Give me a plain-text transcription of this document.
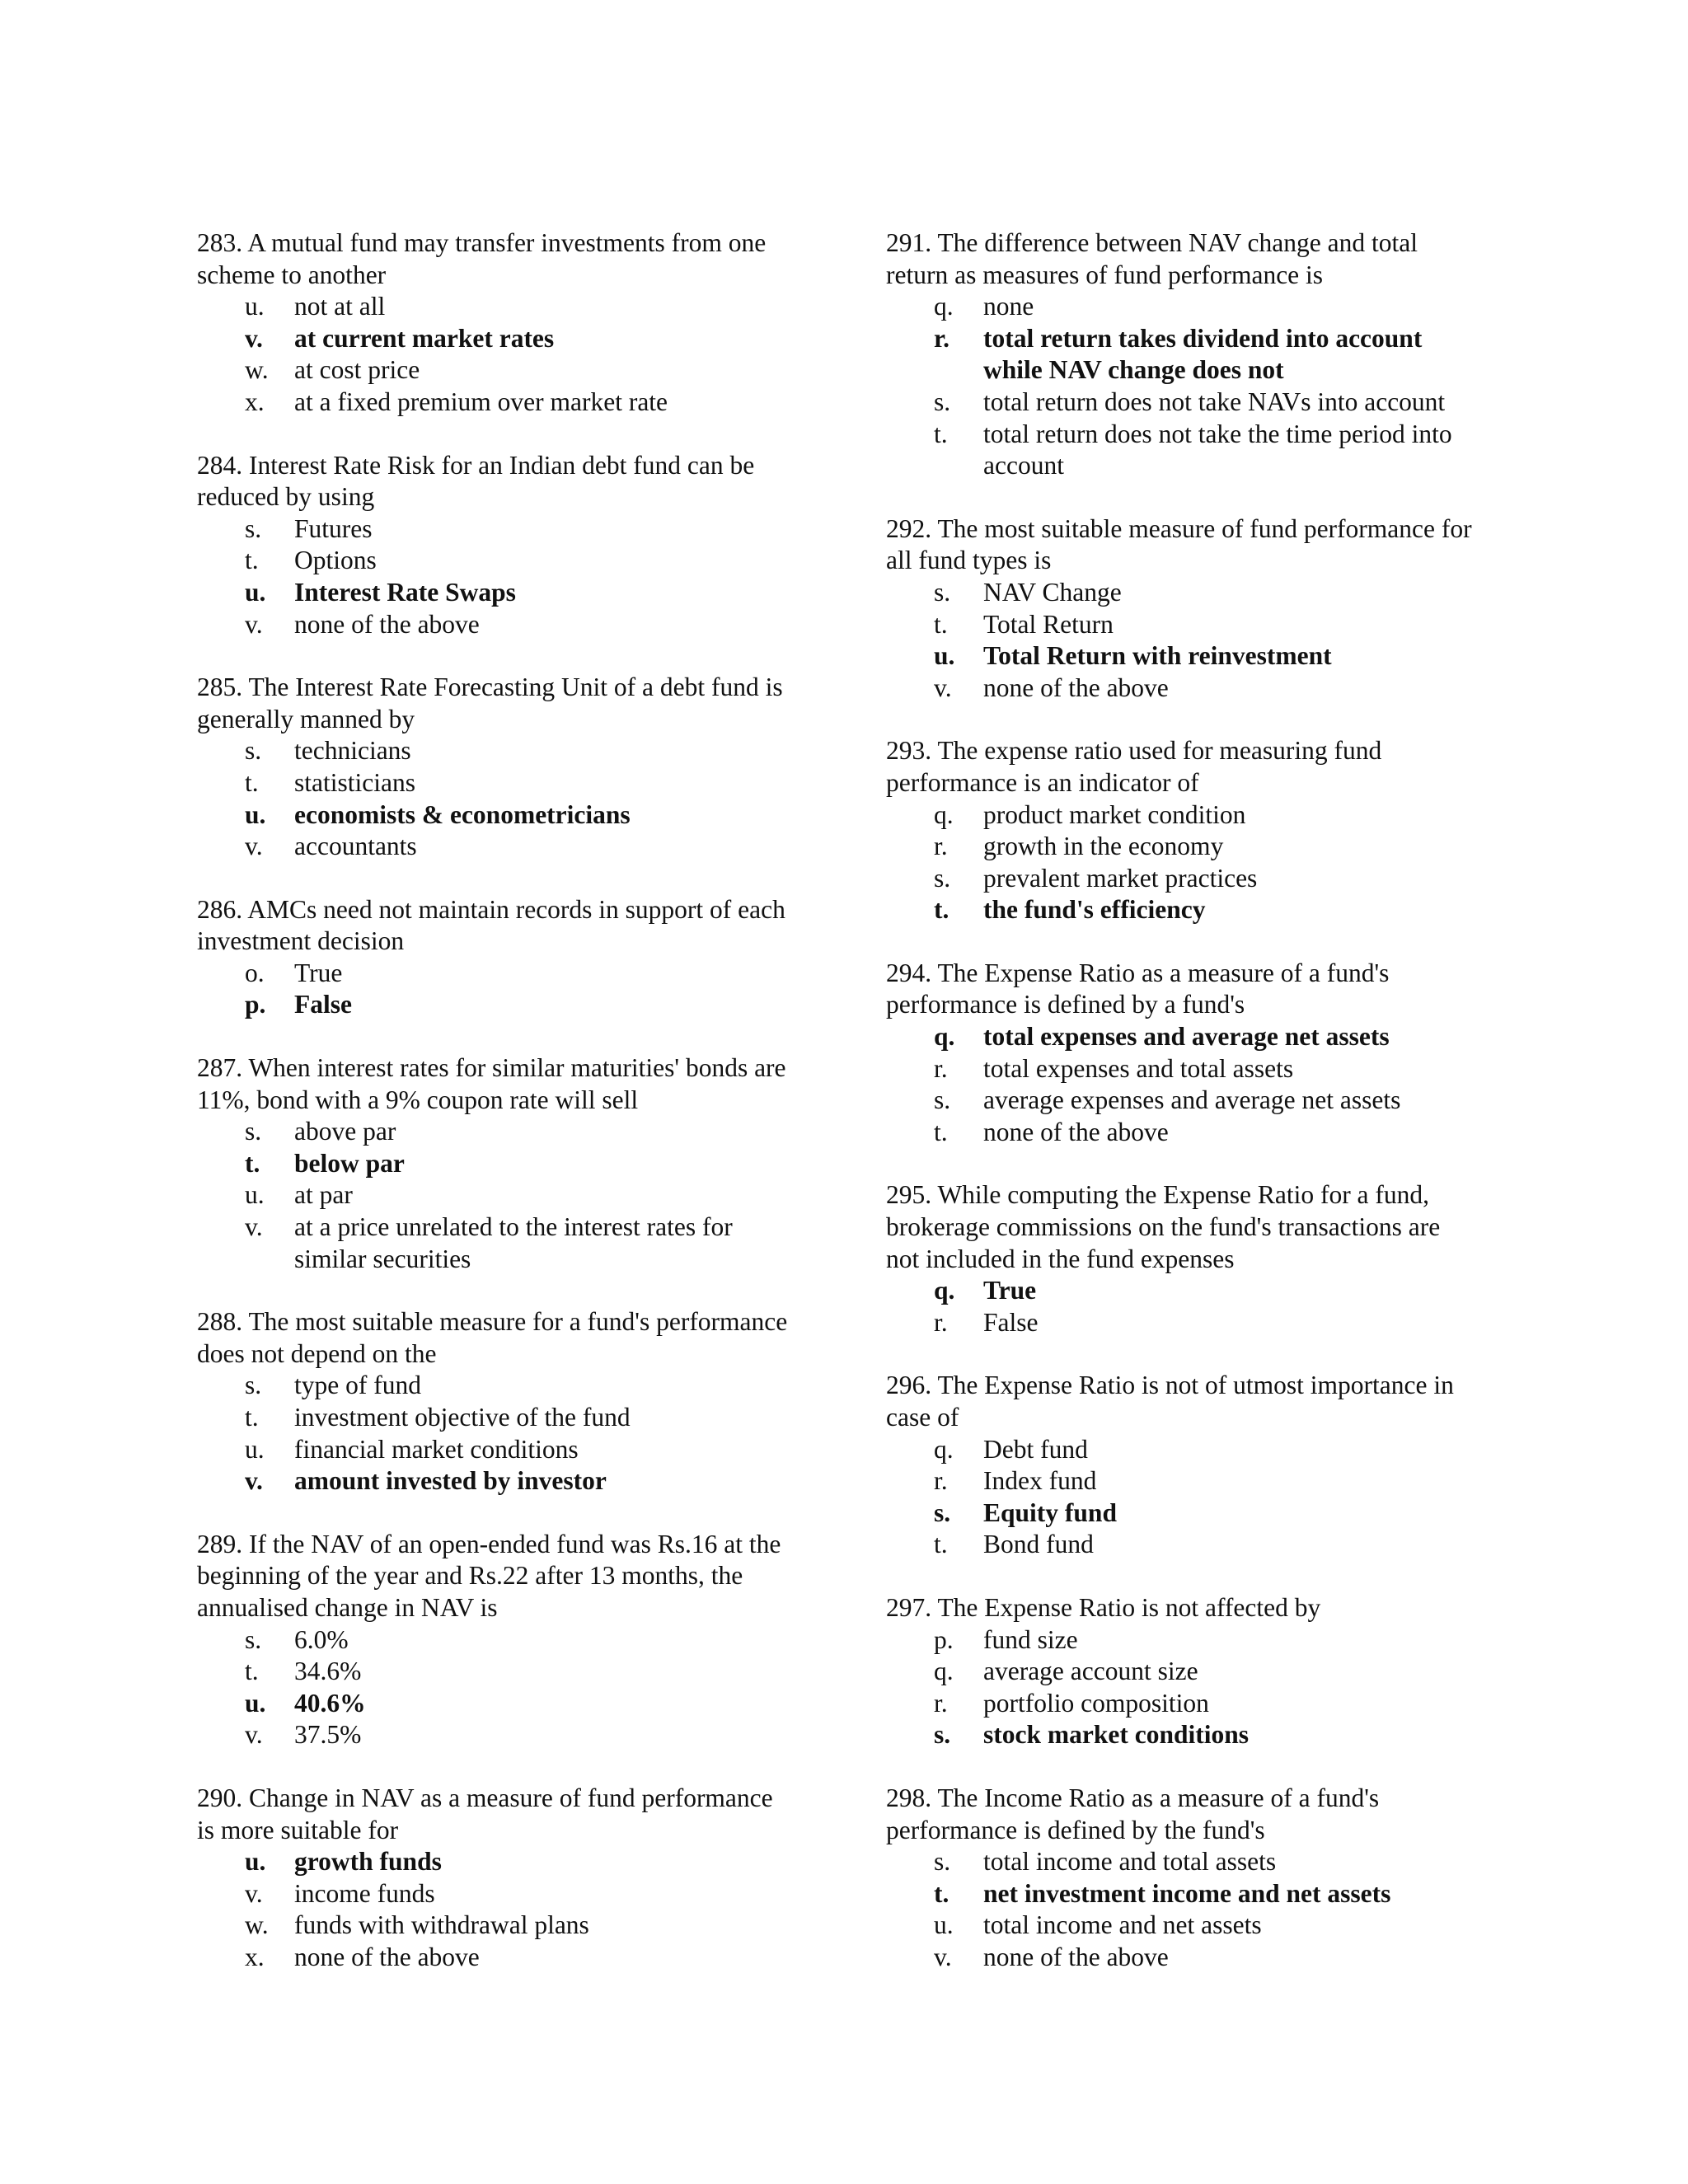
283. A mutual fund may transfer investments from one scheme to another

u.	not at all
v.	at current market rates
w. at cost price
x.	at a fixed premium over market rate

284. Interest Rate Risk for an Indian debt fund can be reduced by using

s.	Futures
t.	Options
u.	Interest Rate Swaps
v.	none of the above

285. The Interest Rate Forecasting Unit of a debt fund is generally manned by

s.	technicians
t.	statisticians
u.	economists & econometricians
v.	accountants

286. AMCs need not maintain records in support of each investment decision

o.	True
p.	False

287. When interest rates for similar maturities' bonds are 11%, bond with a 9% coupon rate will sell

s.	above par
t.	below par
u.	at par
v.	at a price unrelated to the interest rates for similar securities

288. The most suitable measure for a fund's performance does not depend on the

s.	type of fund
t.	investment objective of the fund
u.	financial market conditions
v.	amount invested by investor

289. If the NAV of an open-ended fund was Rs.16 at the beginning of the year and Rs.22 after 13 months, the annualised change in NAV is

s.	6.0%
t.	34.6%
u.	40.6%
v.	37.5%

290. Change in NAV as a measure of fund performance is more suitable for

u.	growth funds
v.	income funds
w. funds with withdrawal plans
x.	none of the above

291. The difference between NAV change and total return as measures of fund performance is

q.	none
r.	total return takes dividend into account while NAV change does not
s.	total return does not take NAVs into account
t.	total return does not take the time period into account

292. The most suitable measure of fund performance for all fund types is

s.	NAV Change
t.	Total Return
u.	Total Return with reinvestment
v.	none of the above

293. The expense ratio used for measuring fund performance is an indicator of

q.	product market condition
r.	growth in the economy
s.	prevalent market practices
t.	the fund's efficiency

294. The Expense Ratio as a measure of a fund's performance is defined by a fund's

q.	total expenses and average net assets
r.	total expenses and total assets
s.	average expenses and average net assets
t.	none of the above

295. While computing the Expense Ratio for a fund, brokerage commissions on the fund's transactions are not included in the fund expenses

q.	True
r.	False

296. The Expense Ratio is not of utmost importance in case of

q.	Debt fund
r.	Index fund
s.	Equity fund
t.	Bond fund

297. The Expense Ratio is not affected by

p.	fund size
q.	average account size
r.	portfolio composition
s.	stock market conditions

298. The Income Ratio as a measure of a fund's performance is defined by the fund's

s.	total income and total assets
t.	net investment income and net assets
u.	total income and net assets
v.	none of the above
